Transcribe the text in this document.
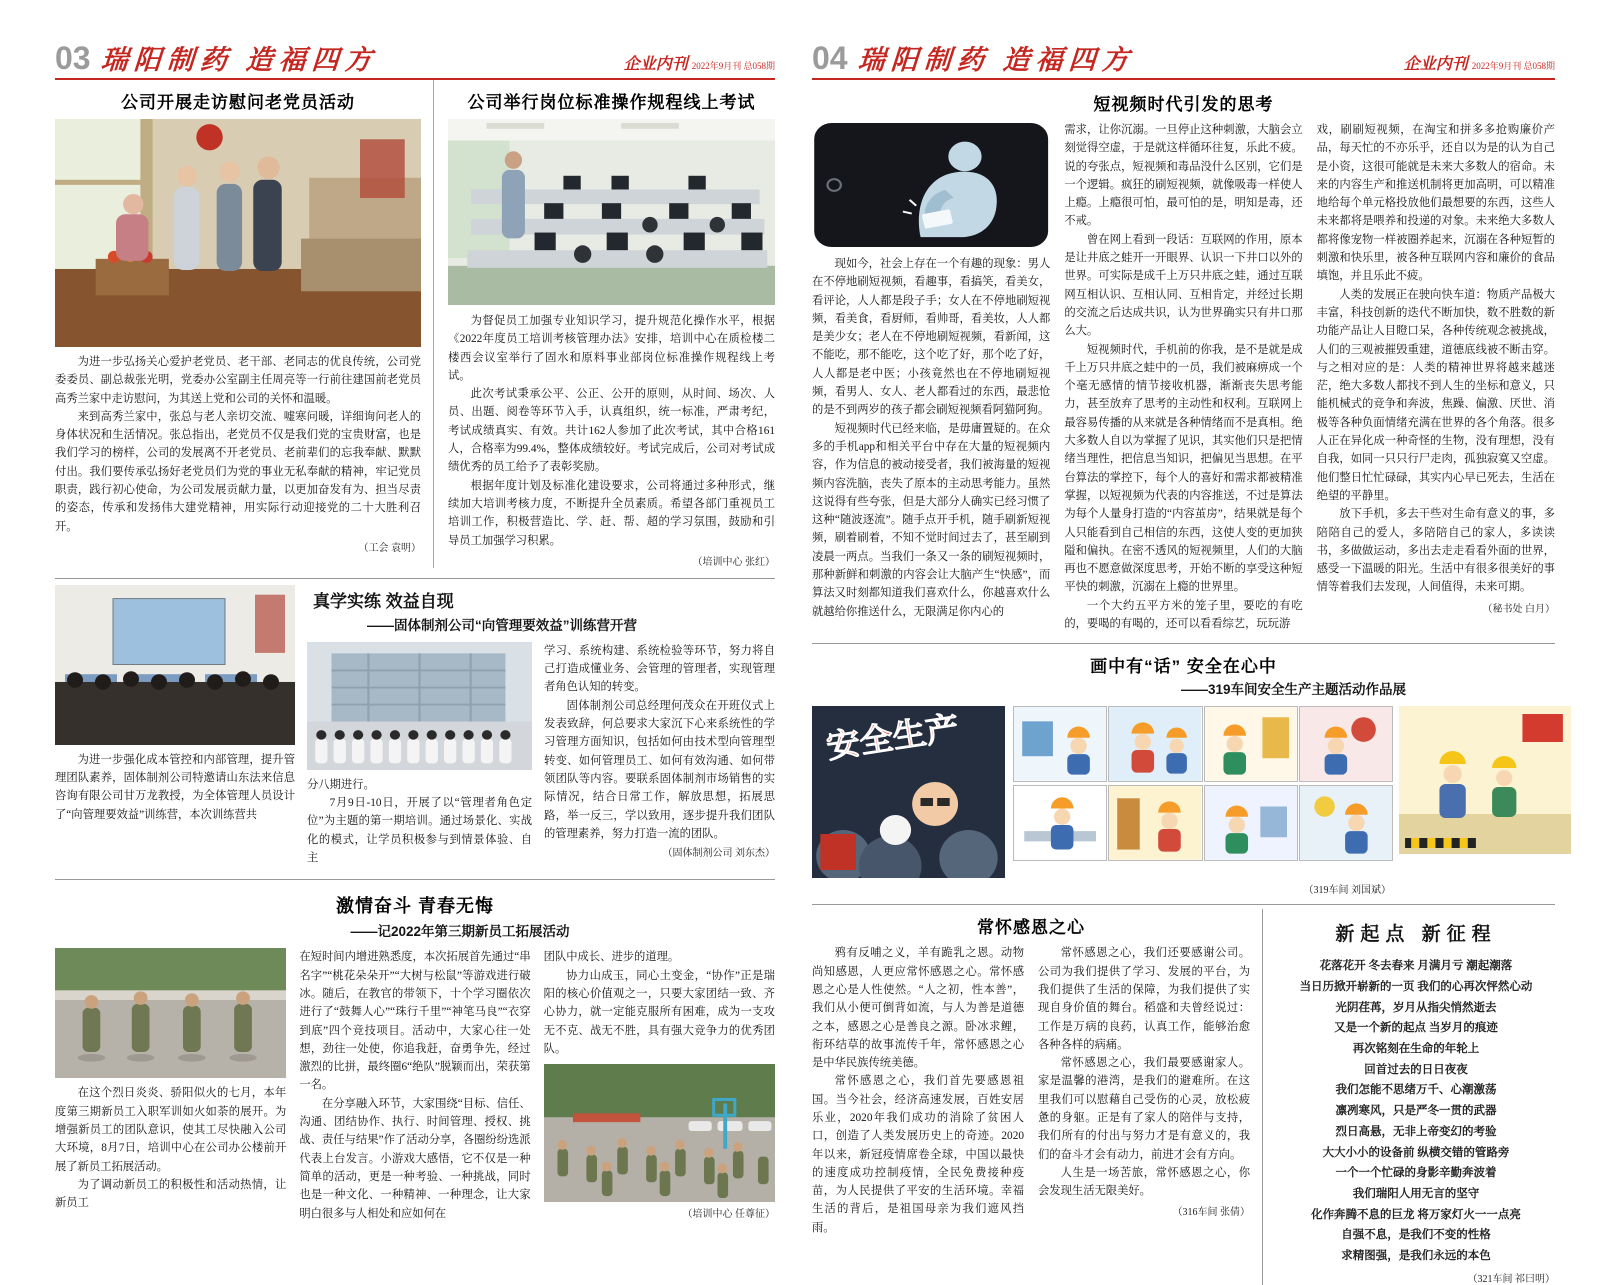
03 瑞阳制药 造福四方	企业内刊 2022年9月刊 总058期
公司开展走访慰问老党员活动

为进一步弘扬关心爱护老党员、老干部、老同志的优良传统，公司党委委员、副总裁张光明，党委办公室副主任周亮等一行前往建国前老党员高秀兰家中走访慰问，为其送上党和公司的关怀和温暖。

来到高秀兰家中，张总与老人亲切交流、嘘寒问暖，详细询问老人的身体状况和生活情况。张总指出，老党员不仅是我们党的宝贵财富，也是我们学习的榜样，公司的发展离不开老党员、老前辈们的忘我奉献、默默付出。我们要传承弘扬好老党员们为党的事业无私奉献的精神，牢记党员职责，践行初心使命，为公司发展贡献力量，以更加奋发有为、担当尽责的姿态，传承和发扬伟大建党精神，用实际行动迎接党的二十大胜利召开。

（工会 袁明）
公司举行岗位标准操作规程线上考试

为督促员工加强专业知识学习，提升规范化操作水平，根据《2022年度员工培训考核管理办法》安排，培训中心在质检楼二楼西会议室举行了固水和原料事业部岗位标准操作规程线上考试。

此次考试秉承公平、公正、公开的原则，从时间、场次、人员、出题、阅卷等环节入手，认真组织，统一标准，严肃考纪，考试成绩真实、有效。共计162人参加了此次考试，其中合格161人，合格率为99.4%，整体成绩较好。考试完成后，公司对考试成绩优秀的员工给予了表彰奖励。

根据年度计划及标准化建设要求，公司将通过多种形式，继续加大培训考核力度，不断提升全员素质。希望各部门重视员工培训工作，积极营造比、学、赶、帮、超的学习氛围，鼓励和引导员工加强学习积累。

（培训中心 张红）

为进一步强化成本管控和内部管理，提升管理团队素养，固体制剂公司特邀请山东法来信息咨询有限公司甘万龙教授，为全体管理人员设计了“向管理要效益”训练营，本次训练营共

真学实练 效益自现
——固体制剂公司“向管理要效益”训练营开营

分八期进行。

7月9日-10日，开展了以“管理者角色定位”为主题的第一期培训。通过场景化、实战化的模式，让学员积极参与到情景体验、自主

学习、系统构建、系统检验等环节，努力将自己打造成懂业务、会管理的管理者，实现管理者角色认知的转变。

固体制剂公司总经理何茂众在开班仪式上发表致辞，何总要求大家沉下心来系统性的学习管理方面知识，包括如何由技术型向管理型转变、如何管理员工、如何有效沟通、如何带领团队等内容。要联系固体制剂市场销售的实际情况，结合日常工作，解放思想，拓展思路，举一反三，学以致用，逐步提升我们团队的管理素养，努力打造一流的团队。

（固体制剂公司 刘东杰）
激情奋斗 青春无悔
——记2022年第三期新员工拓展活动

在这个烈日炎炎、骄阳似火的七月，本年度第三期新员工入职军训如火如荼的展开。为增强新员工的团队意识，使其工尽快融入公司大环境，8月7日，培训中心在公司办公楼前开展了新员工拓展活动。

为了调动新员工的积极性和活动热情，让新员工

在短时间内增进熟悉度，本次拓展首先通过“串名字”“桃花朵朵开”“大树与松鼠”等游戏进行破冰。随后，在教官的带领下，十个学习圈依次进行了“鼓舞人心”“珠行千里”“神笔马良”“衣穿到底”四个竞技项目。活动中，大家心往一处想，劲往一处使，你追我赶，奋勇争先，经过激烈的比拼，最终圈6“绝队”脱颖而出，荣获第一名。

在分享融入环节，大家围绕“目标、信任、沟通、团结协作、执行、时间管理、授权、挑战、责任与结果”作了活动分享，各圈纷纷选派代表上台发言。小游戏大感悟，它不仅是一种简单的活动，更是一种考验、一种挑战，同时也是一种文化、一种精神、一种理念，让大家明白很多与人相处和应如何在

团队中成长、进步的道理。

协力山成玉，同心土变金，“协作”正是瑞阳的核心价值观之一，只要大家团结一致、齐心协力，就一定能克服所有困难，成为一支攻无不克、战无不胜，具有强大竞争力的优秀团队。

（培训中心 任尊征）
04 瑞阳制药 造福四方	企业内刊 2022年9月刊 总058期
短视频时代引发的思考

现如今，社会上存在一个有趣的现象：男人在不停地刷短视频，看趣事，看搞笑，看美女，看评论，人人都是段子手；女人在不停地刷短视频，看美食，看厨师，看帅哥，看美妆，人人都是美少女；老人在不停地刷短视频，看新闻，这不能吃，那不能吃，这个吃了好，那个吃了好，人人都是老中医；小孩竟然也在不停地刷短视频，看男人、女人、老人都看过的东西，最悲怆的是不到两岁的孩子都会刷短视频看阿猫阿狗。

短视频时代已经来临，是毋庸置疑的。在众多的手机app和相关平台中存在大量的短视频内容，作为信息的被动接受者，我们被海量的短视频内容洗脑，丧失了原本的主动思考能力。虽然这说得有些夸张，但是大部分人确实已经习惯了这种“随波逐流”。随手点开手机，随手刷新短视频，刷着刷着，不知不觉时间过去了，甚至刷到凌晨一两点。当我们一条又一条的刷短视频时，那种新鲜和刺激的内容会让大脑产生“快感”，而算法又时刻都知道我们喜欢什么，你越喜欢什么就越给你推送什么，无限满足你内心的

需求，让你沉溺。一旦停止这种刺激，大脑会立刻觉得空虚，于是就这样循环往复，乐此不疲。说的夸张点，短视频和毒品没什么区别，它们是一个逻辑。疯狂的刷短视频，就像吸毒一样使人上瘾。上瘾很可怕，最可怕的是，明知是毒，还不戒。

曾在网上看到一段话：互联网的作用，原本是让井底之蛙开一开眼界、认识一下井口以外的世界。可实际是成千上万只井底之蛙，通过互联网互相认识、互相认同、互相肯定，并经过长期的交流之后达成共识，认为世界确实只有井口那么大。

短视频时代，手机前的你我，是不是就是成千上万只井底之蛙中的一员，我们被麻痹成一个个毫无感情的情节接收机器，渐渐丧失思考能力，甚至放弃了思考的主动性和权利。互联网上最容易传播的从来就是各种情绪而不是真相。绝大多数人自以为掌握了见识，其实他们只是把情绪当理性，把信息当知识，把偏见当思想。在平台算法的掌控下，每个人的喜好和需求都被精准掌握，以短视频为代表的内容推送，不过是算法为每个人量身打造的“内容茧房”，结果就是每个人只能看到自己相信的东西，这使人变的更加狭隘和偏执。在密不透风的短视频里，人们的大脑再也不愿意做深度思考，开始不断的享受这种短平快的刺激，沉溺在上瘾的世界里。

一个大约五平方米的笼子里，要吃的有吃的，要喝的有喝的，还可以看看综艺，玩玩游

戏，刷刷短视频，在淘宝和拼多多抢购廉价产品，每天忙的不亦乐乎，还自以为是的认为自己是小资，这很可能就是未来大多数人的宿命。未来的内容生产和推送机制将更加高明，可以精准地给每个单元格投放他们最想要的东西，这些人未来都将是喂养和投递的对象。未来绝大多数人都将像宠物一样被圈养起来，沉溺在各种短暂的刺激和快乐里，被各种互联网内容和廉价的食品填饱，并且乐此不疲。

人类的发展正在驶向快车道：物质产品极大丰富，科技创新的迭代不断加快，数不胜数的新功能产品让人目瞪口呆，各种传统观念被挑战，人们的三观被摧毁重建，道德底线被不断击穿。与之相对应的是：人类的精神世界将越来越迷茫，绝大多数人都找不到人生的坐标和意义，只能机械式的竞争和奔波，焦躁、偏激、厌世、消极等各种负面情绪充满在世界的各个角落。很多人正在异化成一种奇怪的生物，没有理想，没有自我，如同一只只行尸走肉，孤独寂寞又空虚。他们整日忙忙碌碌，其实内心早已死去，生活在绝望的平静里。

放下手机，多去干些对生命有意义的事，多陪陪自己的爱人，多陪陪自己的家人，多读读书，多做做运动，多出去走走看看外面的世界，感受一下温暖的阳光。生活中有很多很美好的事情等着我们去发现，人间值得，未来可期。

（秘书处 白月）
画中有“话” 安全在心中
——319车间安全生产主题活动作品展
安全生产
（319车间 刘国斌）
常怀感恩之心

鸦有反哺之义，羊有跪乳之恩。动物尚知感恩，人更应常怀感恩之心。常怀感恩之心是人性使然。“人之初，性本善”，我们从小便可倒背如流，与人为善是道德之本，感恩之心是善良之源。卧冰求鲤，衔环结草的故事流传千年，常怀感恩之心是中华民族传统美德。

常怀感恩之心，我们首先要感恩祖国。当今社会，经济高速发展，百姓安居乐业，2020年我们成功的消除了贫困人口，创造了人类发展历史上的奇迹。2020年以来，新冠疫情席卷全球，中国以最快的速度成功控制疫情，全民免费接种疫苗，为人民提供了平安的生活环境。幸福生活的背后，是祖国母亲为我们遮风挡雨。

常怀感恩之心，我们还要感谢公司。公司为我们提供了学习、发展的平台，为我们提供了生活的保障，为我们提供了实现自身价值的舞台。稻盛和夫曾经说过：工作是万病的良药，认真工作，能够治愈各种各样的病痛。

常怀感恩之心，我们最要感谢家人。家是温馨的港湾，是我们的避难所。在这里我们可以慰藉自己受伤的心灵，放松疲惫的身躯。正是有了家人的陪伴与支持，我们所有的付出与努力才是有意义的，我们的奋斗才会有动力，前进才会有方向。

人生是一场苦旅，常怀感恩之心，你会发现生活无限美好。

（316车间 张倩）
新起点 新征程
花落花开 冬去春来 月满月亏 潮起潮落
当日历掀开崭新的一页 我们的心再次怦然心动
光阴荏苒，岁月从指尖悄然逝去
又是一个新的起点 当岁月的痕迹
再次铭刻在生命的年轮上
回首过去的日日夜夜
我们怎能不思绪万千、心潮激荡
凛冽寒风，只是严冬一贯的武器
烈日高悬，无非上帝变幻的考验
大大小小的设备前 纵横交错的管路旁
一个一个忙碌的身影辛勤奔波着
我们瑞阳人用无言的坚守
化作奔腾不息的巨龙 将万家灯火一一点亮
自强不息，是我们不变的性格
求精图强，是我们永远的本色
（321车间 祁曰明）
